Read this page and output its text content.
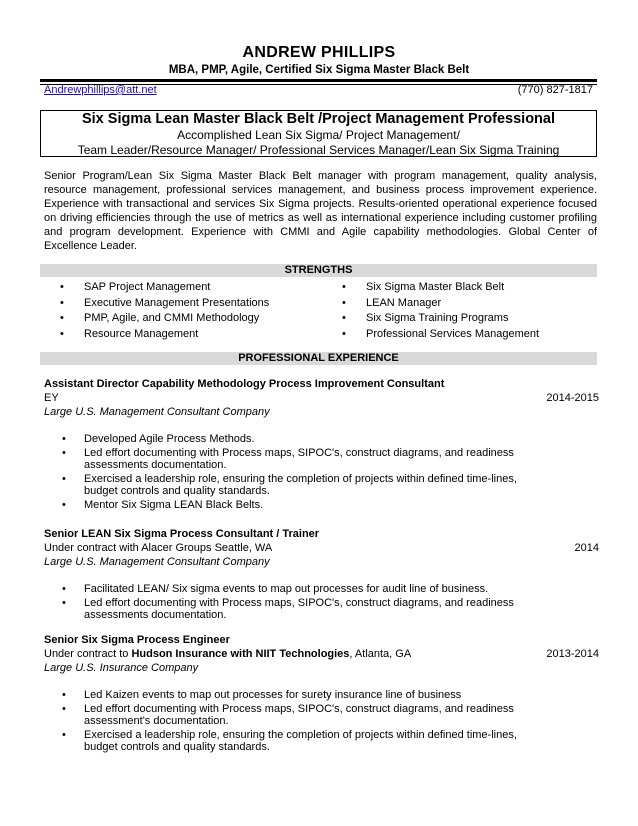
ANDREW PHILLIPS
MBA, PMP, Agile, Certified Six Sigma Master Black Belt
Andrewphillips@att.net	(770) 827-1817
Six Sigma Lean Master Black Belt /Project Management Professional
Accomplished Lean Six Sigma/ Project Management/
Team Leader/Resource Manager/ Professional Services Manager/Lean Six Sigma Training
Senior Program/Lean Six Sigma Master Black Belt manager with program management, quality analysis, resource management, professional services management, and business process improvement experience. Experience with transactional and services Six Sigma projects. Results-oriented operational experience focused on driving efficiencies through the use of metrics as well as international experience including customer profiling and program development. Experience with CMMI and Agile capability methodologies. Global Center of Excellence Leader.
STRENGTHS
• SAP Project Management
• Executive Management Presentations
• PMP, Agile, and CMMI Methodology
• Resource Management
• Six Sigma Master Black Belt
• LEAN Manager
• Six Sigma Training Programs
• Professional Services Management
PROFESSIONAL EXPERIENCE
Assistant Director Capability Methodology Process Improvement Consultant
EY	2014-2015
Large U.S. Management Consultant Company
• Developed Agile Process Methods.
• Led effort documenting with Process maps, SIPOC's, construct diagrams, and readiness assessments documentation.
• Exercised a leadership role, ensuring the completion of projects within defined time-lines, budget controls and quality standards.
• Mentor Six Sigma LEAN Black Belts.
Senior LEAN Six Sigma Process Consultant / Trainer
Under contract with Alacer Groups Seattle, WA	2014
Large U.S. Management Consultant Company
• Facilitated LEAN/ Six sigma events to map out processes for audit line of business.
• Led effort documenting with Process maps, SIPOC's, construct diagrams, and readiness assessments documentation.
Senior Six Sigma Process Engineer
Under contract to Hudson Insurance with NIIT Technologies, Atlanta, GA	2013-2014
Large U.S. Insurance Company
• Led Kaizen events to map out processes for surety insurance line of business
• Led effort documenting with Process maps, SIPOC's, construct diagrams, and readiness assessment's documentation.
• Exercised a leadership role, ensuring the completion of projects within defined time-lines, budget controls and quality standards.
